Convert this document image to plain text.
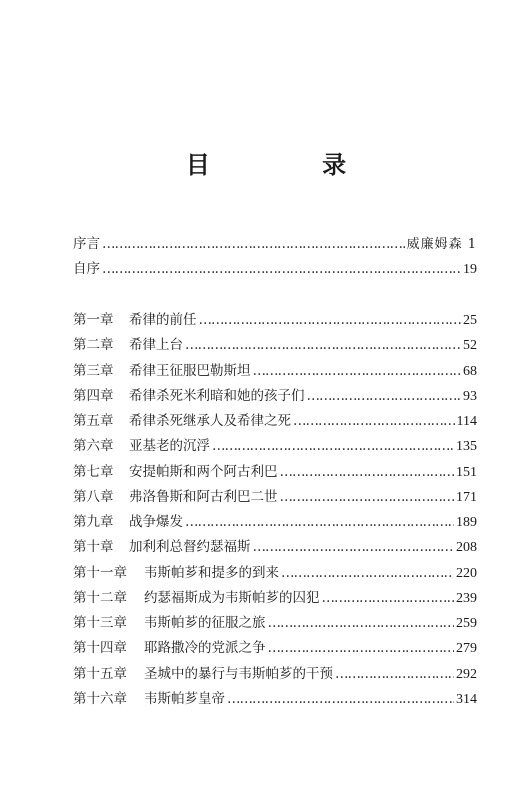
目 录
序言 ……………………………………………………………………………………………………………………………………	威廉姆森 1
自序 ……………………………………………………………………………………………………………………………………	19
第一章 希律的前任 ……………………………………………………………………………………………………………………………………	25
第二章 希律上台 ……………………………………………………………………………………………………………………………………	52
第三章 希律王征服巴勒斯坦 ……………………………………………………………………………………………………………………………………	68
第四章 希律杀死米利暗和她的孩子们 ……………………………………………………………………………………………………………………………………	93
第五章 希律杀死继承人及希律之死 ……………………………………………………………………………………………………………………………………	114
第六章 亚基老的沉浮 ……………………………………………………………………………………………………………………………………	135
第七章 安提帕斯和两个阿古利巴 ……………………………………………………………………………………………………………………………………	151
第八章 弗洛鲁斯和阿古利巴二世 ……………………………………………………………………………………………………………………………………	171
第九章 战争爆发 ……………………………………………………………………………………………………………………………………	189
第十章 加利利总督约瑟福斯 ……………………………………………………………………………………………………………………………………	208
第十一章 韦斯帕芗和提多的到来 ……………………………………………………………………………………………………………………………………	220
第十二章 约瑟福斯成为韦斯帕芗的囚犯 ……………………………………………………………………………………………………………………………………	239
第十三章 韦斯帕芗的征服之旅 ……………………………………………………………………………………………………………………………………	259
第十四章 耶路撒冷的党派之争 ……………………………………………………………………………………………………………………………………	279
第十五章 圣城中的暴行与韦斯帕芗的干预 ……………………………………………………………………………………………………………………………………	292
第十六章 韦斯帕芗皇帝 ……………………………………………………………………………………………………………………………………	314
